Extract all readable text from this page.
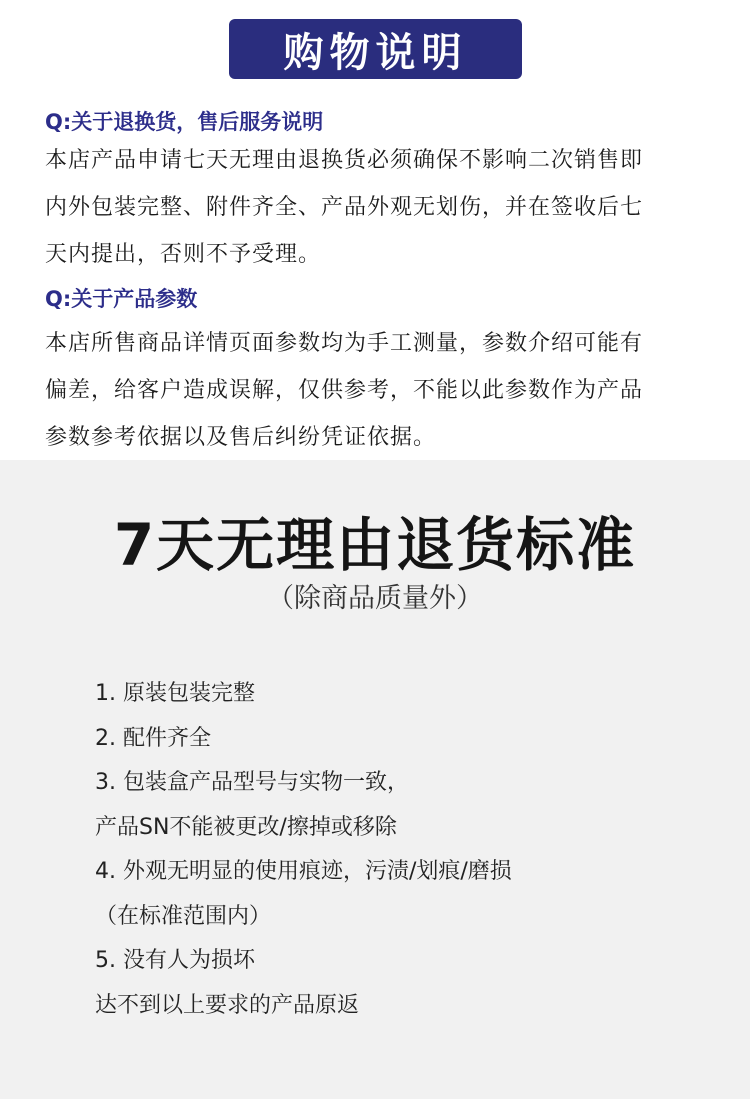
购物说明
Q:关于退换货，售后服务说明
本店产品申请七天无理由退换货必须确保不影响二次销售即
内外包装完整、附件齐全、产品外观无划伤，并在签收后七
天内提出，否则不予受理。
Q:关于产品参数
本店所售商品详情页面参数均为手工测量，参数介绍可能有
偏差，给客户造成误解，仅供参考，不能以此参数作为产品
参数参考依据以及售后纠纷凭证依据。
7天无理由退货标准
（除商品质量外）
1. 原装包装完整
2. 配件齐全
3. 包装盒产品型号与实物一致，
产品SN不能被更改/擦掉或移除
4. 外观无明显的使用痕迹，污渍/划痕/磨损
（在标准范围内）
5. 没有人为损坏
达不到以上要求的产品原返
